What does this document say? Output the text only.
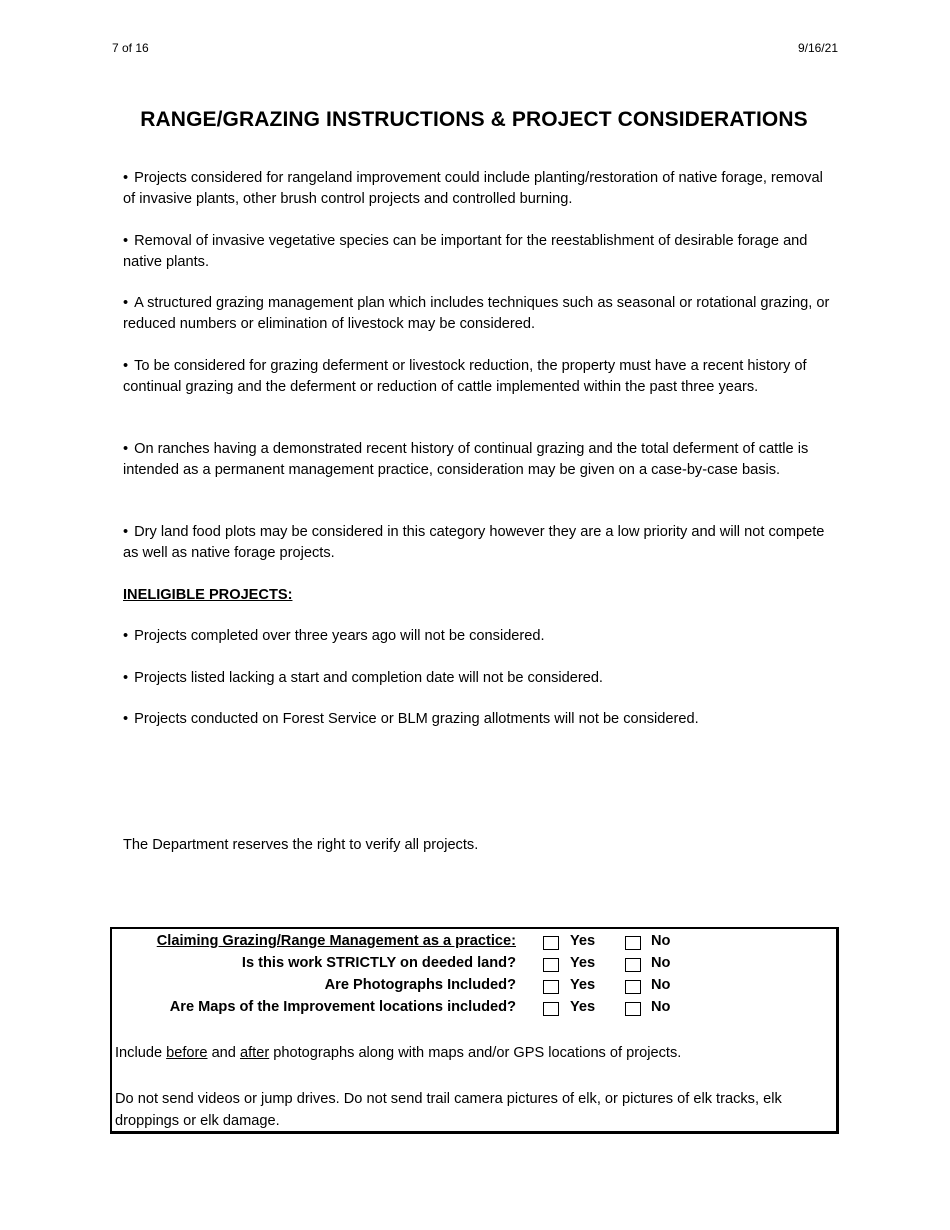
7 of 16	9/16/21
RANGE/GRAZING INSTRUCTIONS & PROJECT CONSIDERATIONS

• Projects considered for rangeland improvement could include planting/restoration of native forage, removal of invasive plants, other brush control projects and controlled burning.

• Removal of invasive vegetative species can be important for the reestablishment of desirable forage and native plants.

• A structured grazing management plan which includes techniques such as seasonal or rotational grazing, or reduced numbers or elimination of livestock may be considered.

• To be considered for grazing deferment or livestock reduction, the property must have a recent history of continual grazing and the deferment or reduction of cattle implemented within the past three years.

• On ranches having a demonstrated recent history of continual grazing and the total deferment of cattle is intended as a permanent management practice, consideration may be given on a case-by-case basis.

• Dry land food plots may be considered in this category however they are a low priority and will not compete as well as native forage projects.

INELIGIBLE PROJECTS:

• Projects completed over three years ago will not be considered.

• Projects listed lacking a start and completion date will not be considered.

• Projects conducted on Forest Service or BLM grazing allotments will not be considered.

The Department reserves the right to verify all projects.

Claiming Grazing/Range Management as a practice:	Yes	No
Is this work STRICTLY on deeded land?	Yes	No
Are Photographs Included?	Yes	No
Are Maps of the Improvement locations included?	Yes	No
Include before and after photographs along with maps and/or GPS locations of projects.
Do not send videos or jump drives. Do not send trail camera pictures of elk, or pictures of elk tracks, elk droppings or elk damage.
